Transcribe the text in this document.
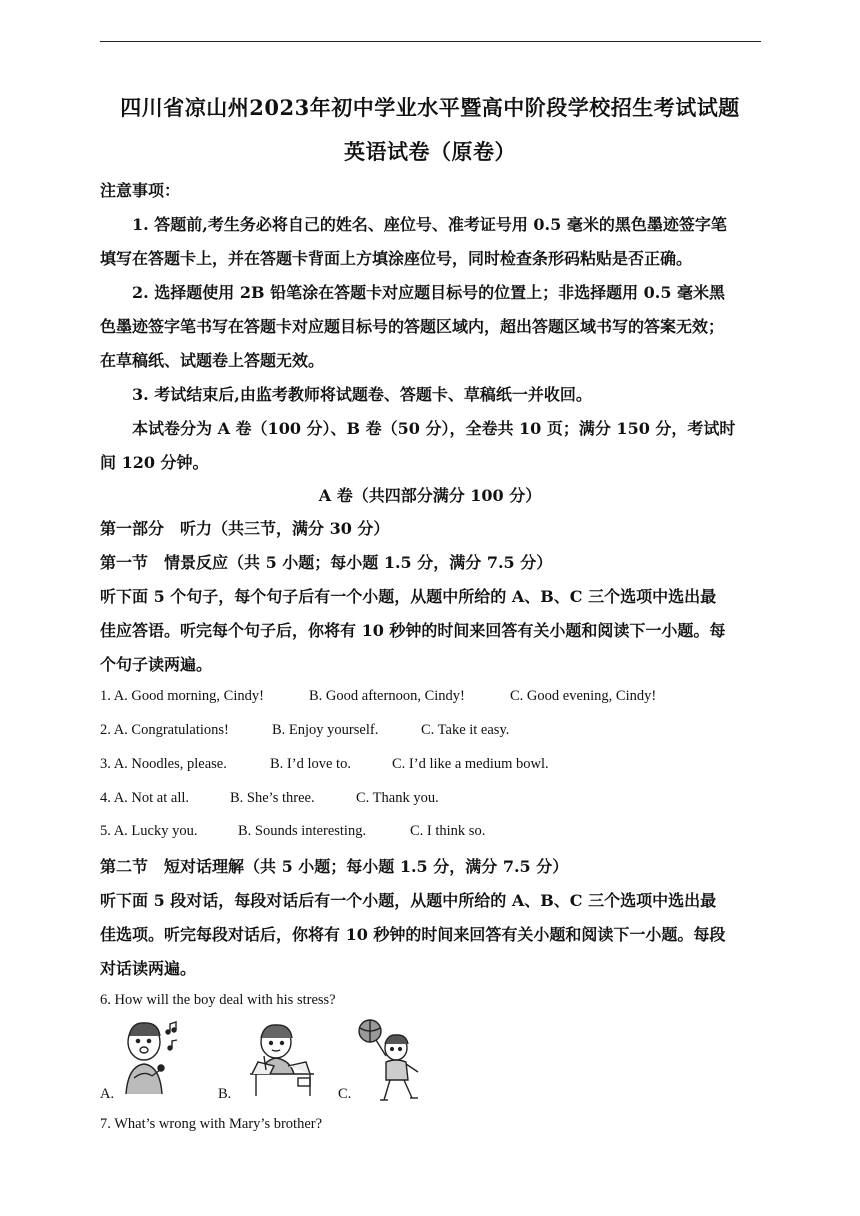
四川省凉山州2023年初中学业水平暨高中阶段学校招生考试试题
英语试卷（原卷）
注意事项：
1. 答题前,考生务必将自己的姓名、座位号、准考证号用 0.5 毫米的黑色墨迹签字笔
填写在答题卡上，并在答题卡背面上方填涂座位号，同时检查条形码粘贴是否正确。
2. 选择题使用 2B 铅笔涂在答题卡对应题目标号的位置上；非选择题用 0.5 毫米黑
色墨迹签字笔书写在答题卡对应题目标号的答题区域内，超出答题区域书写的答案无效；
在草稿纸、试题卷上答题无效。
3. 考试结束后,由监考教师将试题卷、答题卡、草稿纸一并收回。
本试卷分为 A 卷（100 分）、B 卷（50 分），全卷共 10 页；满分 150 分，考试时
间 120 分钟。
A 卷（共四部分满分 100 分）
第一部分　听力（共三节，满分 30 分）
第一节　情景反应（共 5 小题；每小题 1.5 分，满分 7.5 分）
听下面 5 个句子，每个句子后有一个小题，从题中所给的 A、B、C 三个选项中选出最
佳应答语。听完每个句子后，你将有 10 秒钟的时间来回答有关小题和阅读下一小题。每
个句子读两遍。
1. A. Good morning, Cindy!	B. Good afternoon, Cindy!	C. Good evening, Cindy!
2. A. Congratulations!	B. Enjoy yourself.	C. Take it easy.
3. A. Noodles, please.	B. I’d love to.	C. I’d like a medium bowl.
4. A. Not at all.	B. She’s three.	C. Thank you.
5. A. Lucky you.	B. Sounds interesting.	C. I think so.
第二节　短对话理解（共 5 小题；每小题 1.5 分，满分 7.5 分）
听下面 5 段对话，每段对话后有一个小题，从题中所给的 A、B、C 三个选项中选出最
佳选项。听完每段对话后，你将有 10 秒钟的时间来回答有关小题和阅读下一小题。每段
对话读两遍。
6. How will the boy deal with his stress?
A.	B.	C.
7. What’s wrong with Mary’s brother?
